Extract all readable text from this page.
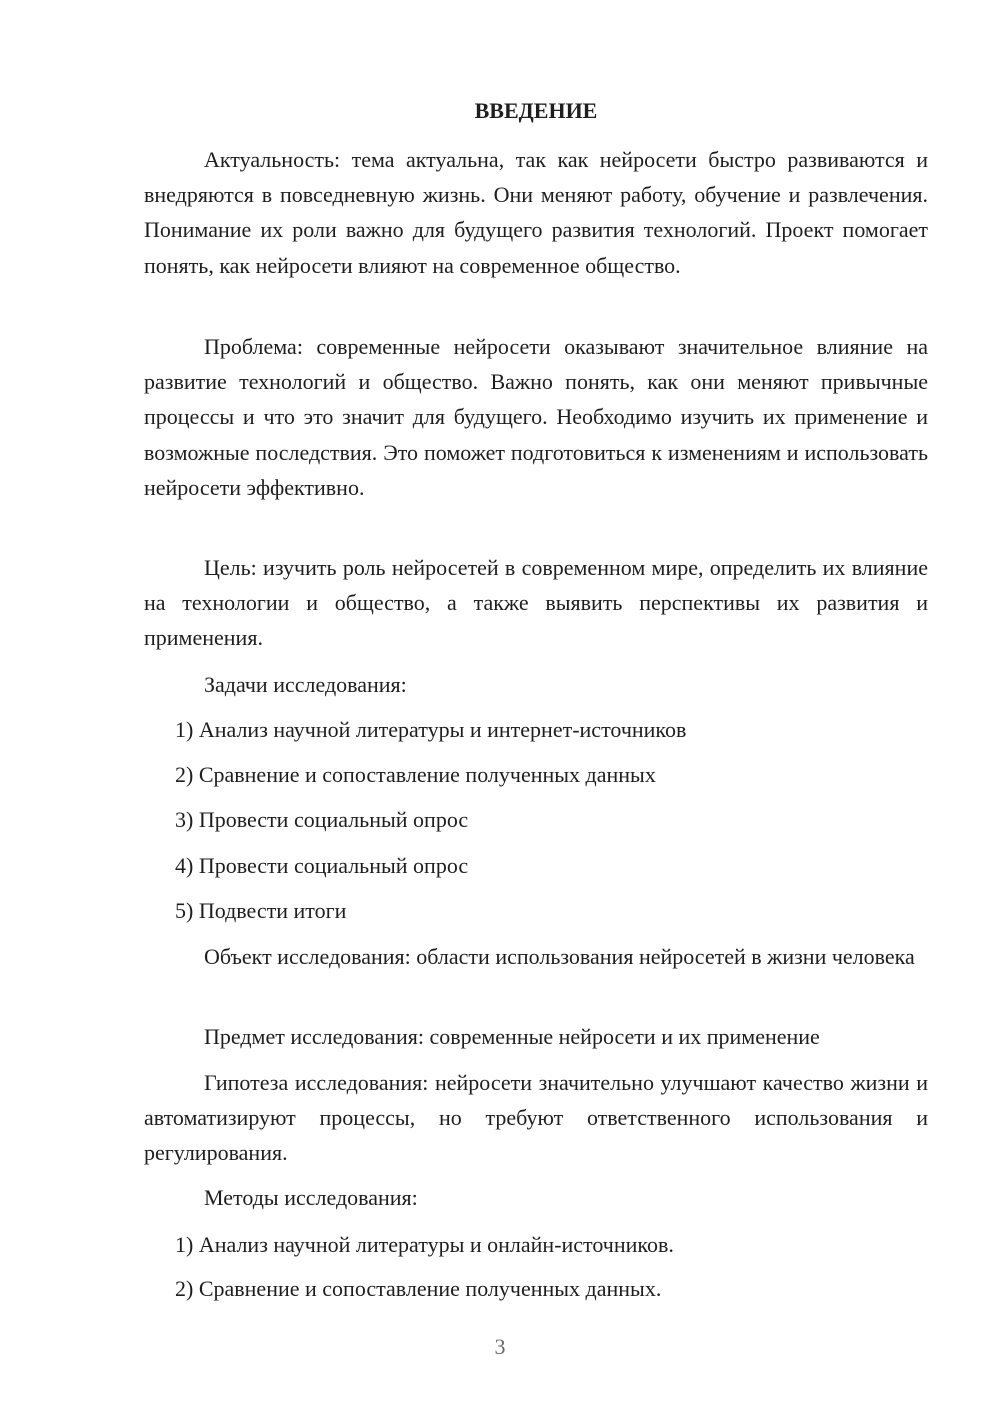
ВВЕДЕНИЕ

Актуальность: тема актуальна, так как нейросети быстро развиваются и внедряются в повседневную жизнь. Они меняют работу, обучение и развлечения. Понимание их роли важно для будущего развития технологий. Проект помогает понять, как нейросети влияют на современное общество.

Проблема: современные нейросети оказывают значительное влияние на развитие технологий и общество. Важно понять, как они меняют привычные процессы и что это значит для будущего. Необходимо изучить их применение и возможные последствия. Это поможет подготовиться к изменениям и использовать нейросети эффективно.

Цель: изучить роль нейросетей в современном мире, определить их влияние на технологии и общество, а также выявить перспективы их развития и применения.

Задачи исследования:

1) Анализ научной литературы и интернет-источников

2) Сравнение и сопоставление полученных данных

3) Провести социальный опрос

4) Провести социальный опрос

5) Подвести итоги

Объект исследования: области использования нейросетей в жизни человека

Предмет исследования: современные нейросети и их применение

Гипотеза исследования: нейросети значительно улучшают качество жизни и автоматизируют процессы, но требуют ответственного использования и регулирования.

Методы исследования:

1) Анализ научной литературы и онлайн-источников.

2) Сравнение и сопоставление полученных данных.

3
